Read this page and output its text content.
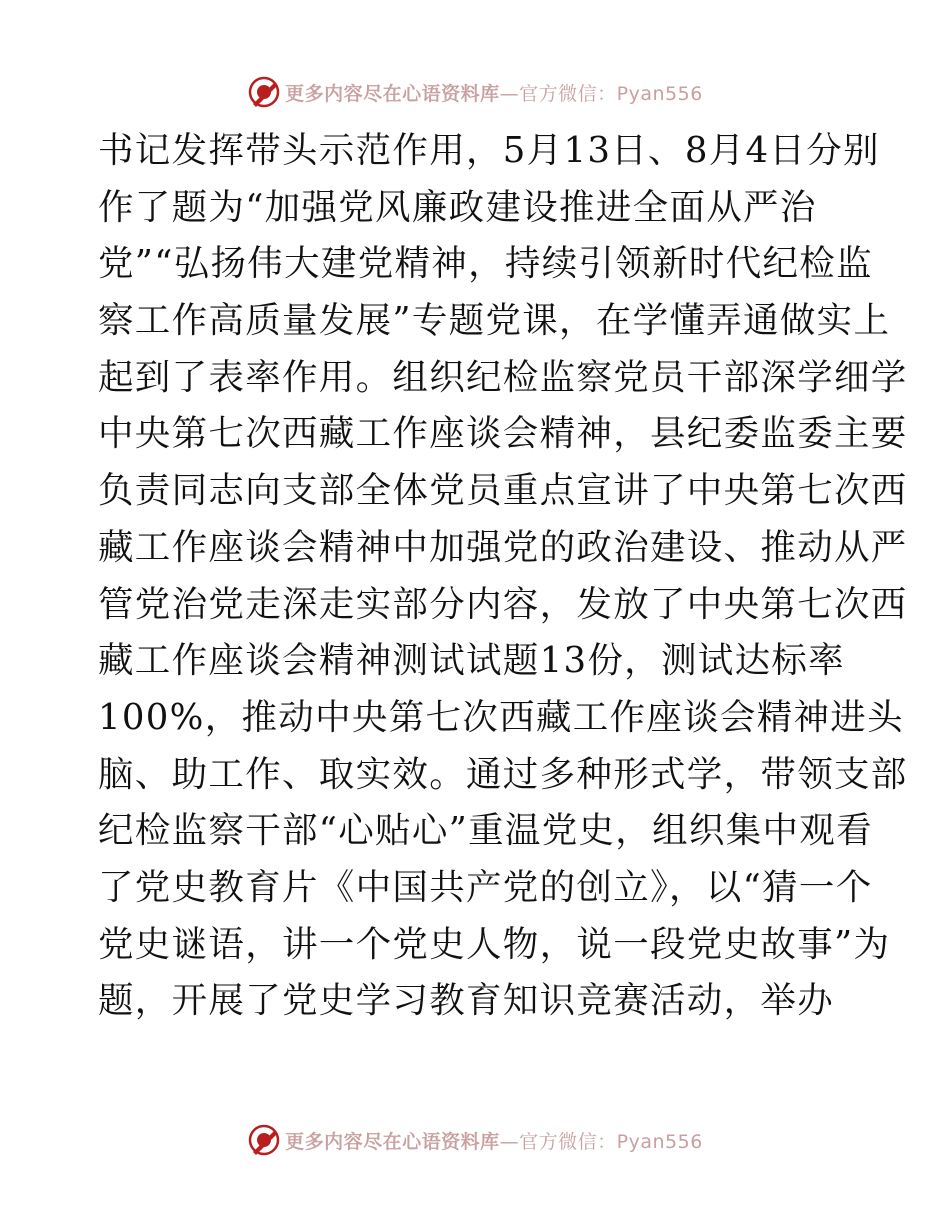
更多内容尽在心语资料库—官方微信：Pyan556
书记发挥带头示范作用，5月13日、8月4日分别
作了题为“加强党风廉政建设推进全面从严治
党”“弘扬伟大建党精神，持续引领新时代纪检监
察工作高质量发展”专题党课，在学懂弄通做实上
起到了表率作用。组织纪检监察党员干部深学细学
中央第七次西藏工作座谈会精神，县纪委监委主要
负责同志向支部全体党员重点宣讲了中央第七次西
藏工作座谈会精神中加强党的政治建设、推动从严
管党治党走深走实部分内容，发放了中央第七次西
藏工作座谈会精神测试试题13份，测试达标率
100%，推动中央第七次西藏工作座谈会精神进头
脑、助工作、取实效。通过多种形式学，带领支部
纪检监察干部“心贴心”重温党史，组织集中观看
了党史教育片《中国共产党的创立》，以“猜一个
党史谜语，讲一个党史人物，说一段党史故事”为
题，开展了党史学习教育知识竞赛活动，举办
更多内容尽在心语资料库—官方微信：Pyan556
